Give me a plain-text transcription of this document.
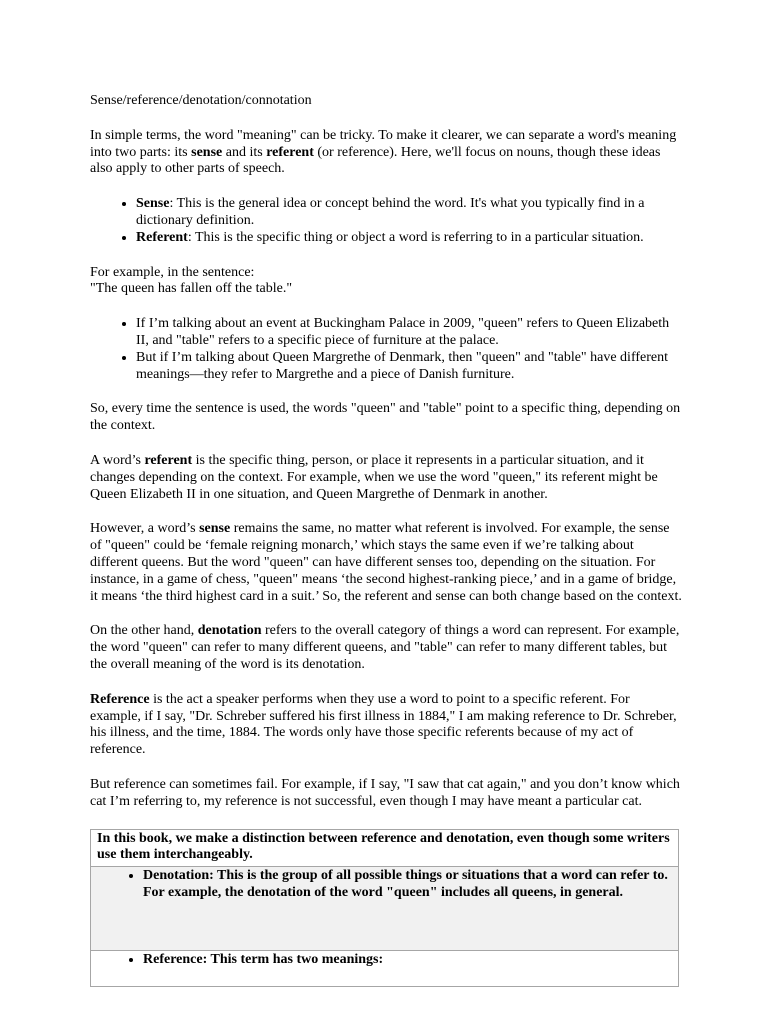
Sense/reference/denotation/connotation

In simple terms, the word "meaning" can be tricky. To make it clearer, we can separate a word's meaning into two parts: its sense and its referent (or reference). Here, we'll focus on nouns, though these ideas also apply to other parts of speech.

• Sense: This is the general idea or concept behind the word. It's what you typically find in a dictionary definition.
• Referent: This is the specific thing or object a word is referring to in a particular situation.

For example, in the sentence:
"The queen has fallen off the table."

• If I’m talking about an event at Buckingham Palace in 2009, "queen" refers to Queen Elizabeth II, and "table" refers to a specific piece of furniture at the palace.
• But if I’m talking about Queen Margrethe of Denmark, then "queen" and "table" have different meanings—they refer to Margrethe and a piece of Danish furniture.

So, every time the sentence is used, the words "queen" and "table" point to a specific thing, depending on the context.

A word’s referent is the specific thing, person, or place it represents in a particular situation, and it changes depending on the context. For example, when we use the word "queen," its referent might be Queen Elizabeth II in one situation, and Queen Margrethe of Denmark in another.

However, a word’s sense remains the same, no matter what referent is involved. For example, the sense of "queen" could be ‘female reigning monarch,’ which stays the same even if we’re talking about different queens. But the word "queen" can have different senses too, depending on the situation. For instance, in a game of chess, "queen" means ‘the second highest-ranking piece,’ and in a game of bridge, it means ‘the third highest card in a suit.’ So, the referent and sense can both change based on the context.

On the other hand, denotation refers to the overall category of things a word can represent. For example, the word "queen" can refer to many different queens, and "table" can refer to many different tables, but the overall meaning of the word is its denotation.

Reference is the act a speaker performs when they use a word to point to a specific referent. For example, if I say, "Dr. Schreber suffered his first illness in 1884," I am making reference to Dr. Schreber, his illness, and the time, 1884. The words only have those specific referents because of my act of reference.

But reference can sometimes fail. For example, if I say, "I saw that cat again," and you don’t know which cat I’m referring to, my reference is not successful, even though I may have meant a particular cat.

In this book, we make a distinction between reference and denotation, even though some writers use them interchangeably.
• Denotation: This is the group of all possible things or situations that a word can refer to. For example, the denotation of the word "queen" includes all queens, in general.
• Reference: This term has two meanings:
